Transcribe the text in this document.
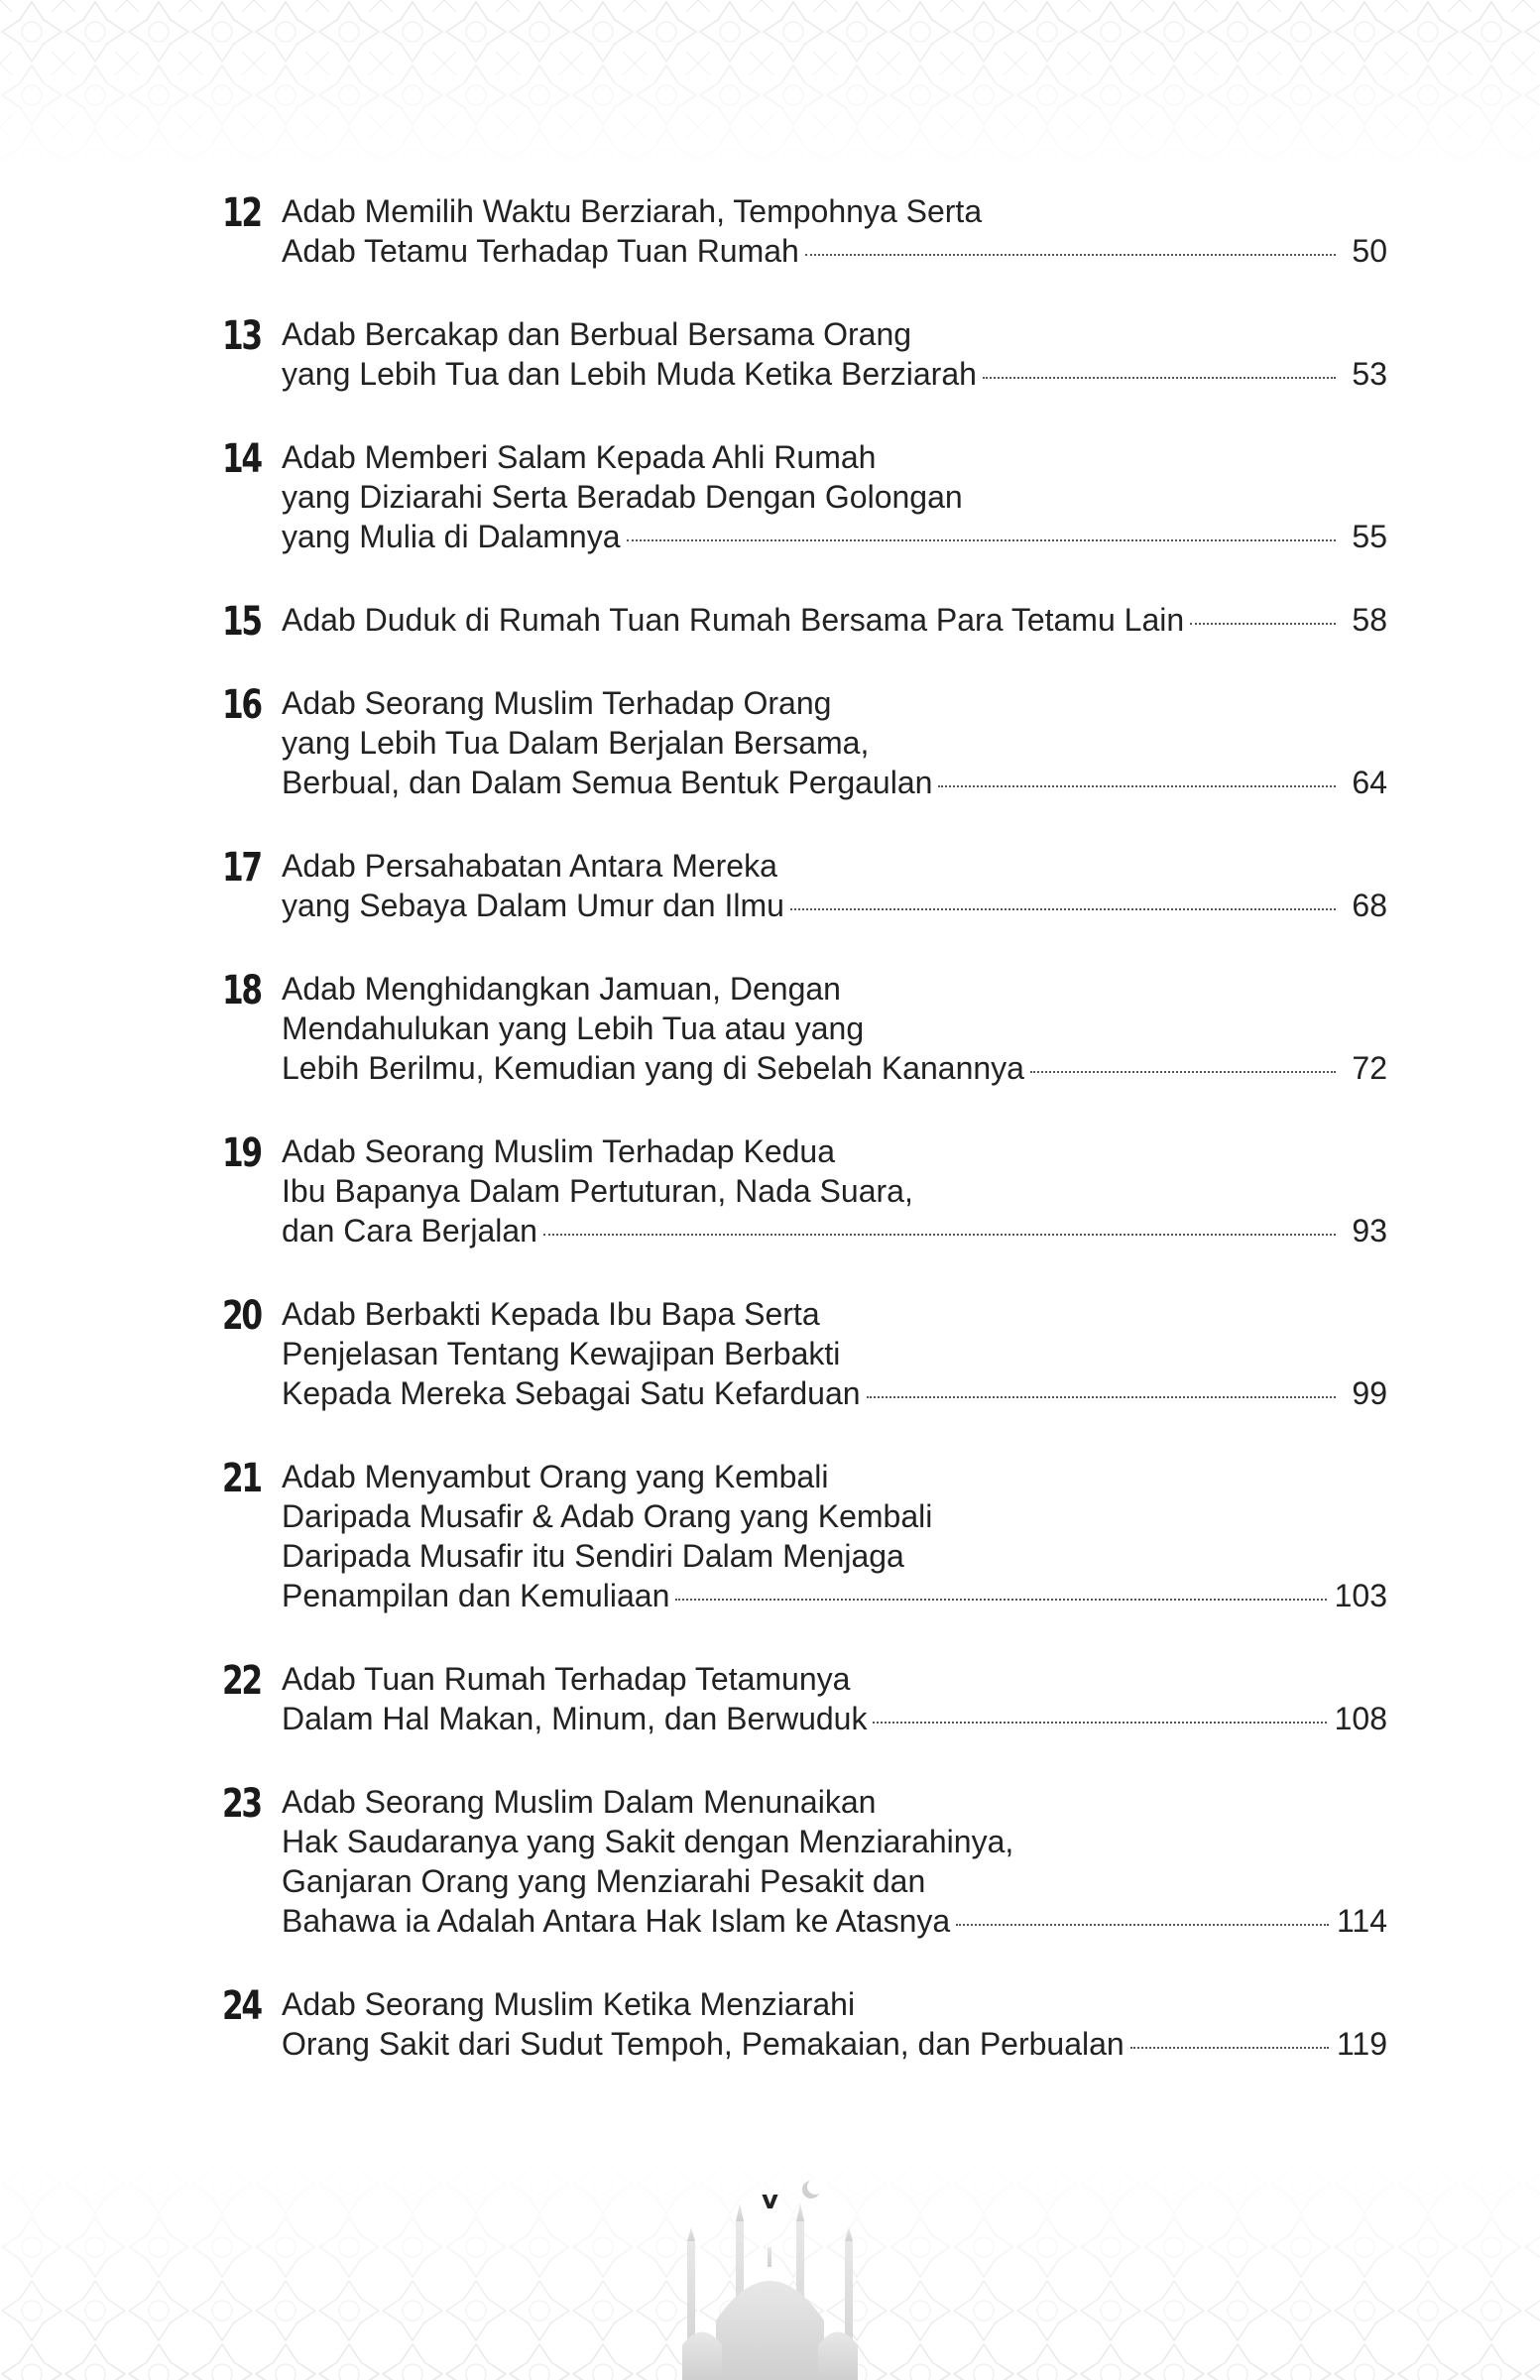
12 Adab Memilih Waktu Berziarah, Tempohnya Serta
Adab Tetamu Terhadap Tuan Rumah	50
13 Adab Bercakap dan Berbual Bersama Orang
yang Lebih Tua dan Lebih Muda Ketika Berziarah	53
14 Adab Memberi Salam Kepada Ahli Rumah
yang Diziarahi Serta Beradab Dengan Golongan
yang Mulia di Dalamnya	55
15 Adab Duduk di Rumah Tuan Rumah Bersama Para Tetamu Lain	58
16 Adab Seorang Muslim Terhadap Orang
yang Lebih Tua Dalam Berjalan Bersama,
Berbual, dan Dalam Semua Bentuk Pergaulan	64
17 Adab Persahabatan Antara Mereka
yang Sebaya Dalam Umur dan Ilmu	68
18 Adab Menghidangkan Jamuan, Dengan
Mendahulukan yang Lebih Tua atau yang
Lebih Berilmu, Kemudian yang di Sebelah Kanannya	72
19 Adab Seorang Muslim Terhadap Kedua
Ibu Bapanya Dalam Pertuturan, Nada Suara,
dan Cara Berjalan	93
20 Adab Berbakti Kepada Ibu Bapa Serta
Penjelasan Tentang Kewajipan Berbakti
Kepada Mereka Sebagai Satu Kefarduan	99
21 Adab Menyambut Orang yang Kembali
Daripada Musafir & Adab Orang yang Kembali
Daripada Musafir itu Sendiri Dalam Menjaga
Penampilan dan Kemuliaan	103
22 Adab Tuan Rumah Terhadap Tetamunya
Dalam Hal Makan, Minum, dan Berwuduk	108
23 Adab Seorang Muslim Dalam Menunaikan
Hak Saudaranya yang Sakit dengan Menziarahinya,
Ganjaran Orang yang Menziarahi Pesakit dan
Bahawa ia Adalah Antara Hak Islam ke Atasnya	114
24 Adab Seorang Muslim Ketika Menziarahi
Orang Sakit dari Sudut Tempoh, Pemakaian, dan Perbualan	119
v
